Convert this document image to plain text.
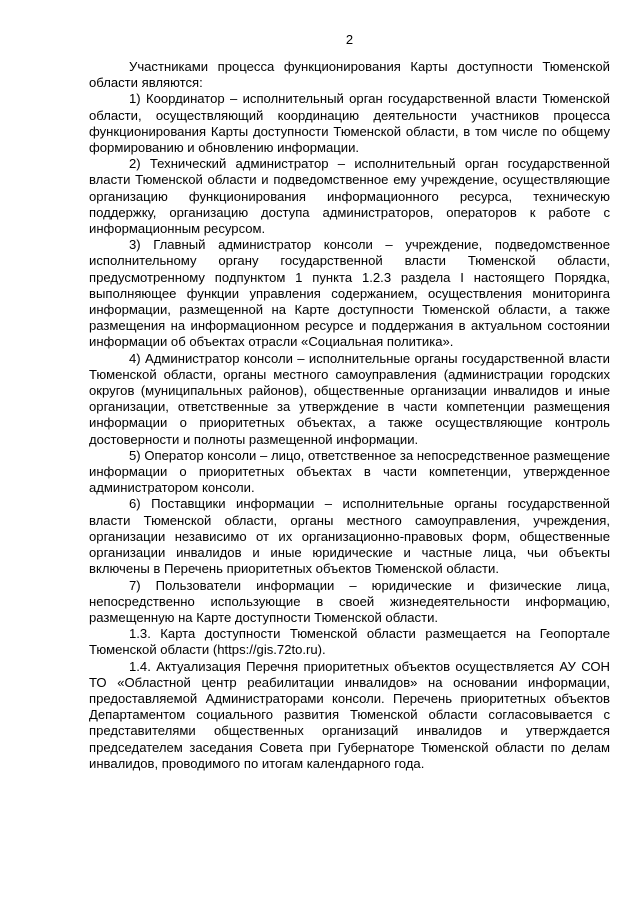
2

Участниками процесса функционирования Карты доступности Тюменской области являются:

1) Координатор – исполнительный орган государственной власти Тюменской области, осуществляющий координацию деятельности участников процесса функционирования Карты доступности Тюменской области, в том числе по общему формированию и обновлению информации.

2) Технический администратор – исполнительный орган государственной власти Тюменской области и подведомственное ему учреждение, осуществляющие организацию функционирования информационного ресурса, техническую поддержку, организацию доступа администраторов, операторов к работе с информационным ресурсом.

3) Главный администратор консоли – учреждение, подведомственное исполнительному органу государственной власти Тюменской области, предусмотренному подпунктом 1 пункта 1.2.3 раздела I настоящего Порядка, выполняющее функции управления содержанием, осуществления мониторинга информации, размещенной на Карте доступности Тюменской области, а также размещения на информационном ресурсе и поддержания в актуальном состоянии информации об объектах отрасли «Социальная политика».

4) Администратор консоли – исполнительные органы государственной власти Тюменской области, органы местного самоуправления (администрации городских округов (муниципальных районов), общественные организации инвалидов и иные организации, ответственные за утверждение в части компетенции размещения информации о приоритетных объектах, а также осуществляющие контроль достоверности и полноты размещенной информации.

5) Оператор консоли – лицо, ответственное за непосредственное размещение информации о приоритетных объектах в части компетенции, утвержденное администратором консоли.

6) Поставщики информации – исполнительные органы государственной власти Тюменской области, органы местного самоуправления, учреждения, организации независимо от их организационно-правовых форм, общественные организации инвалидов и иные юридические и частные лица, чьи объекты включены в Перечень приоритетных объектов Тюменской области.

7) Пользователи информации – юридические и физические лица, непосредственно использующие в своей жизнедеятельности информацию, размещенную на Карте доступности Тюменской области.

1.3. Карта доступности Тюменской области размещается на Геопортале Тюменской области (https://gis.72to.ru).

1.4. Актуализация Перечня приоритетных объектов осуществляется АУ СОН ТО «Областной центр реабилитации инвалидов» на основании информации, предоставляемой Администраторами консоли. Перечень приоритетных объектов Департаментом социального развития Тюменской области согласовывается с представителями общественных организаций инвалидов и утверждается председателем заседания Совета при Губернаторе Тюменской области по делам инвалидов, проводимого по итогам календарного года.
